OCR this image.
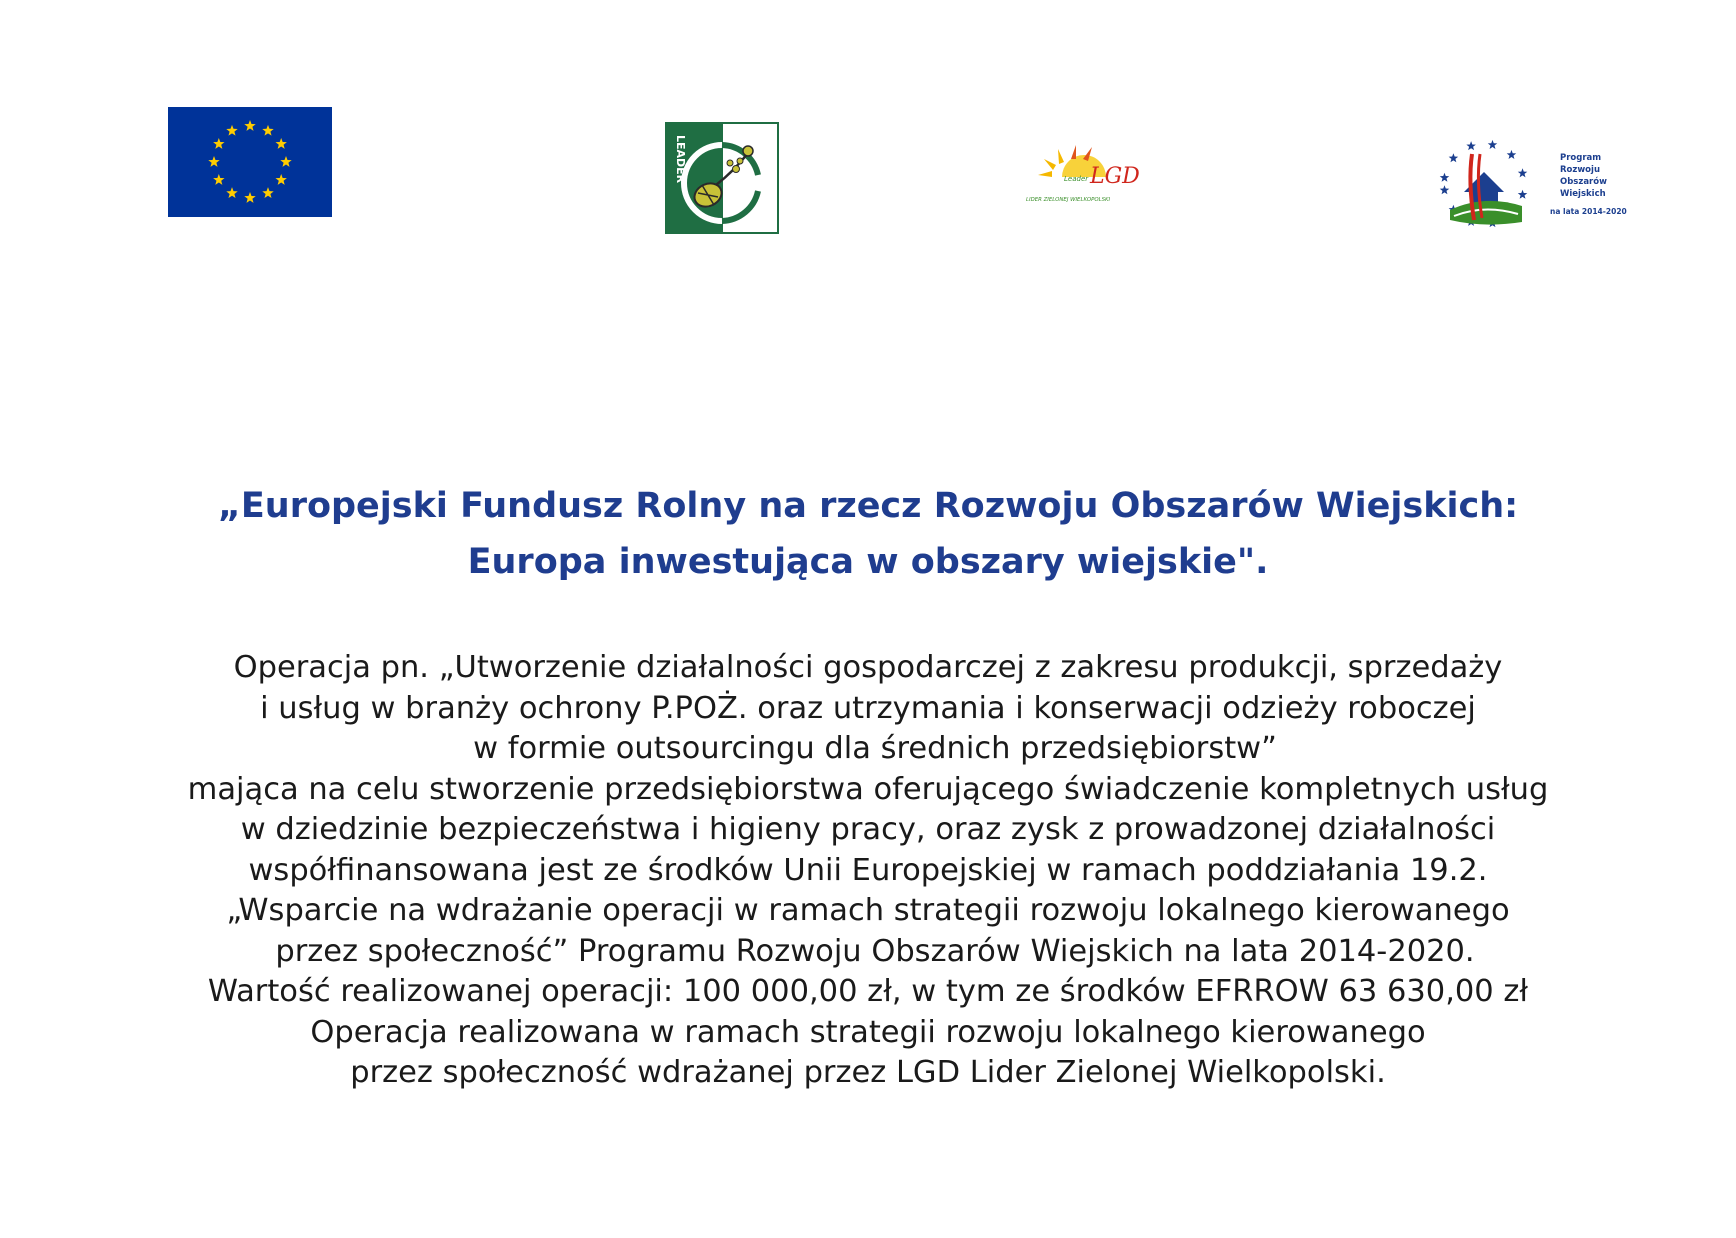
LEADER	Leader LGD
LIDER ZIELONEJ WIELKOPOLSKI
Program
Rozwoju
Obszarów
Wiejskich
na lata 2014-2020
„Europejski Fundusz Rolny na rzecz Rozwoju Obszarów Wiejskich:
Europa inwestująca w obszary wiejskie".
Operacja pn. „Utworzenie działalności gospodarczej z zakresu produkcji, sprzedaży
i usług w branży ochrony P.POŻ. oraz utrzymania i konserwacji odzieży roboczej
w formie outsourcingu dla średnich przedsiębiorstw”
mająca na celu stworzenie przedsiębiorstwa oferującego świadczenie kompletnych usług
w dziedzinie bezpieczeństwa i higieny pracy, oraz zysk z prowadzonej działalności
współfinansowana jest ze środków Unii Europejskiej w ramach poddziałania 19.2.
„Wsparcie na wdrażanie operacji w ramach strategii rozwoju lokalnego kierowanego
przez społeczność” Programu Rozwoju Obszarów Wiejskich na lata 2014-2020.
Wartość realizowanej operacji: 100 000,00 zł, w tym ze środków EFRROW 63 630,00 zł
Operacja realizowana w ramach strategii rozwoju lokalnego kierowanego
przez społeczność wdrażanej przez LGD Lider Zielonej Wielkopolski.
